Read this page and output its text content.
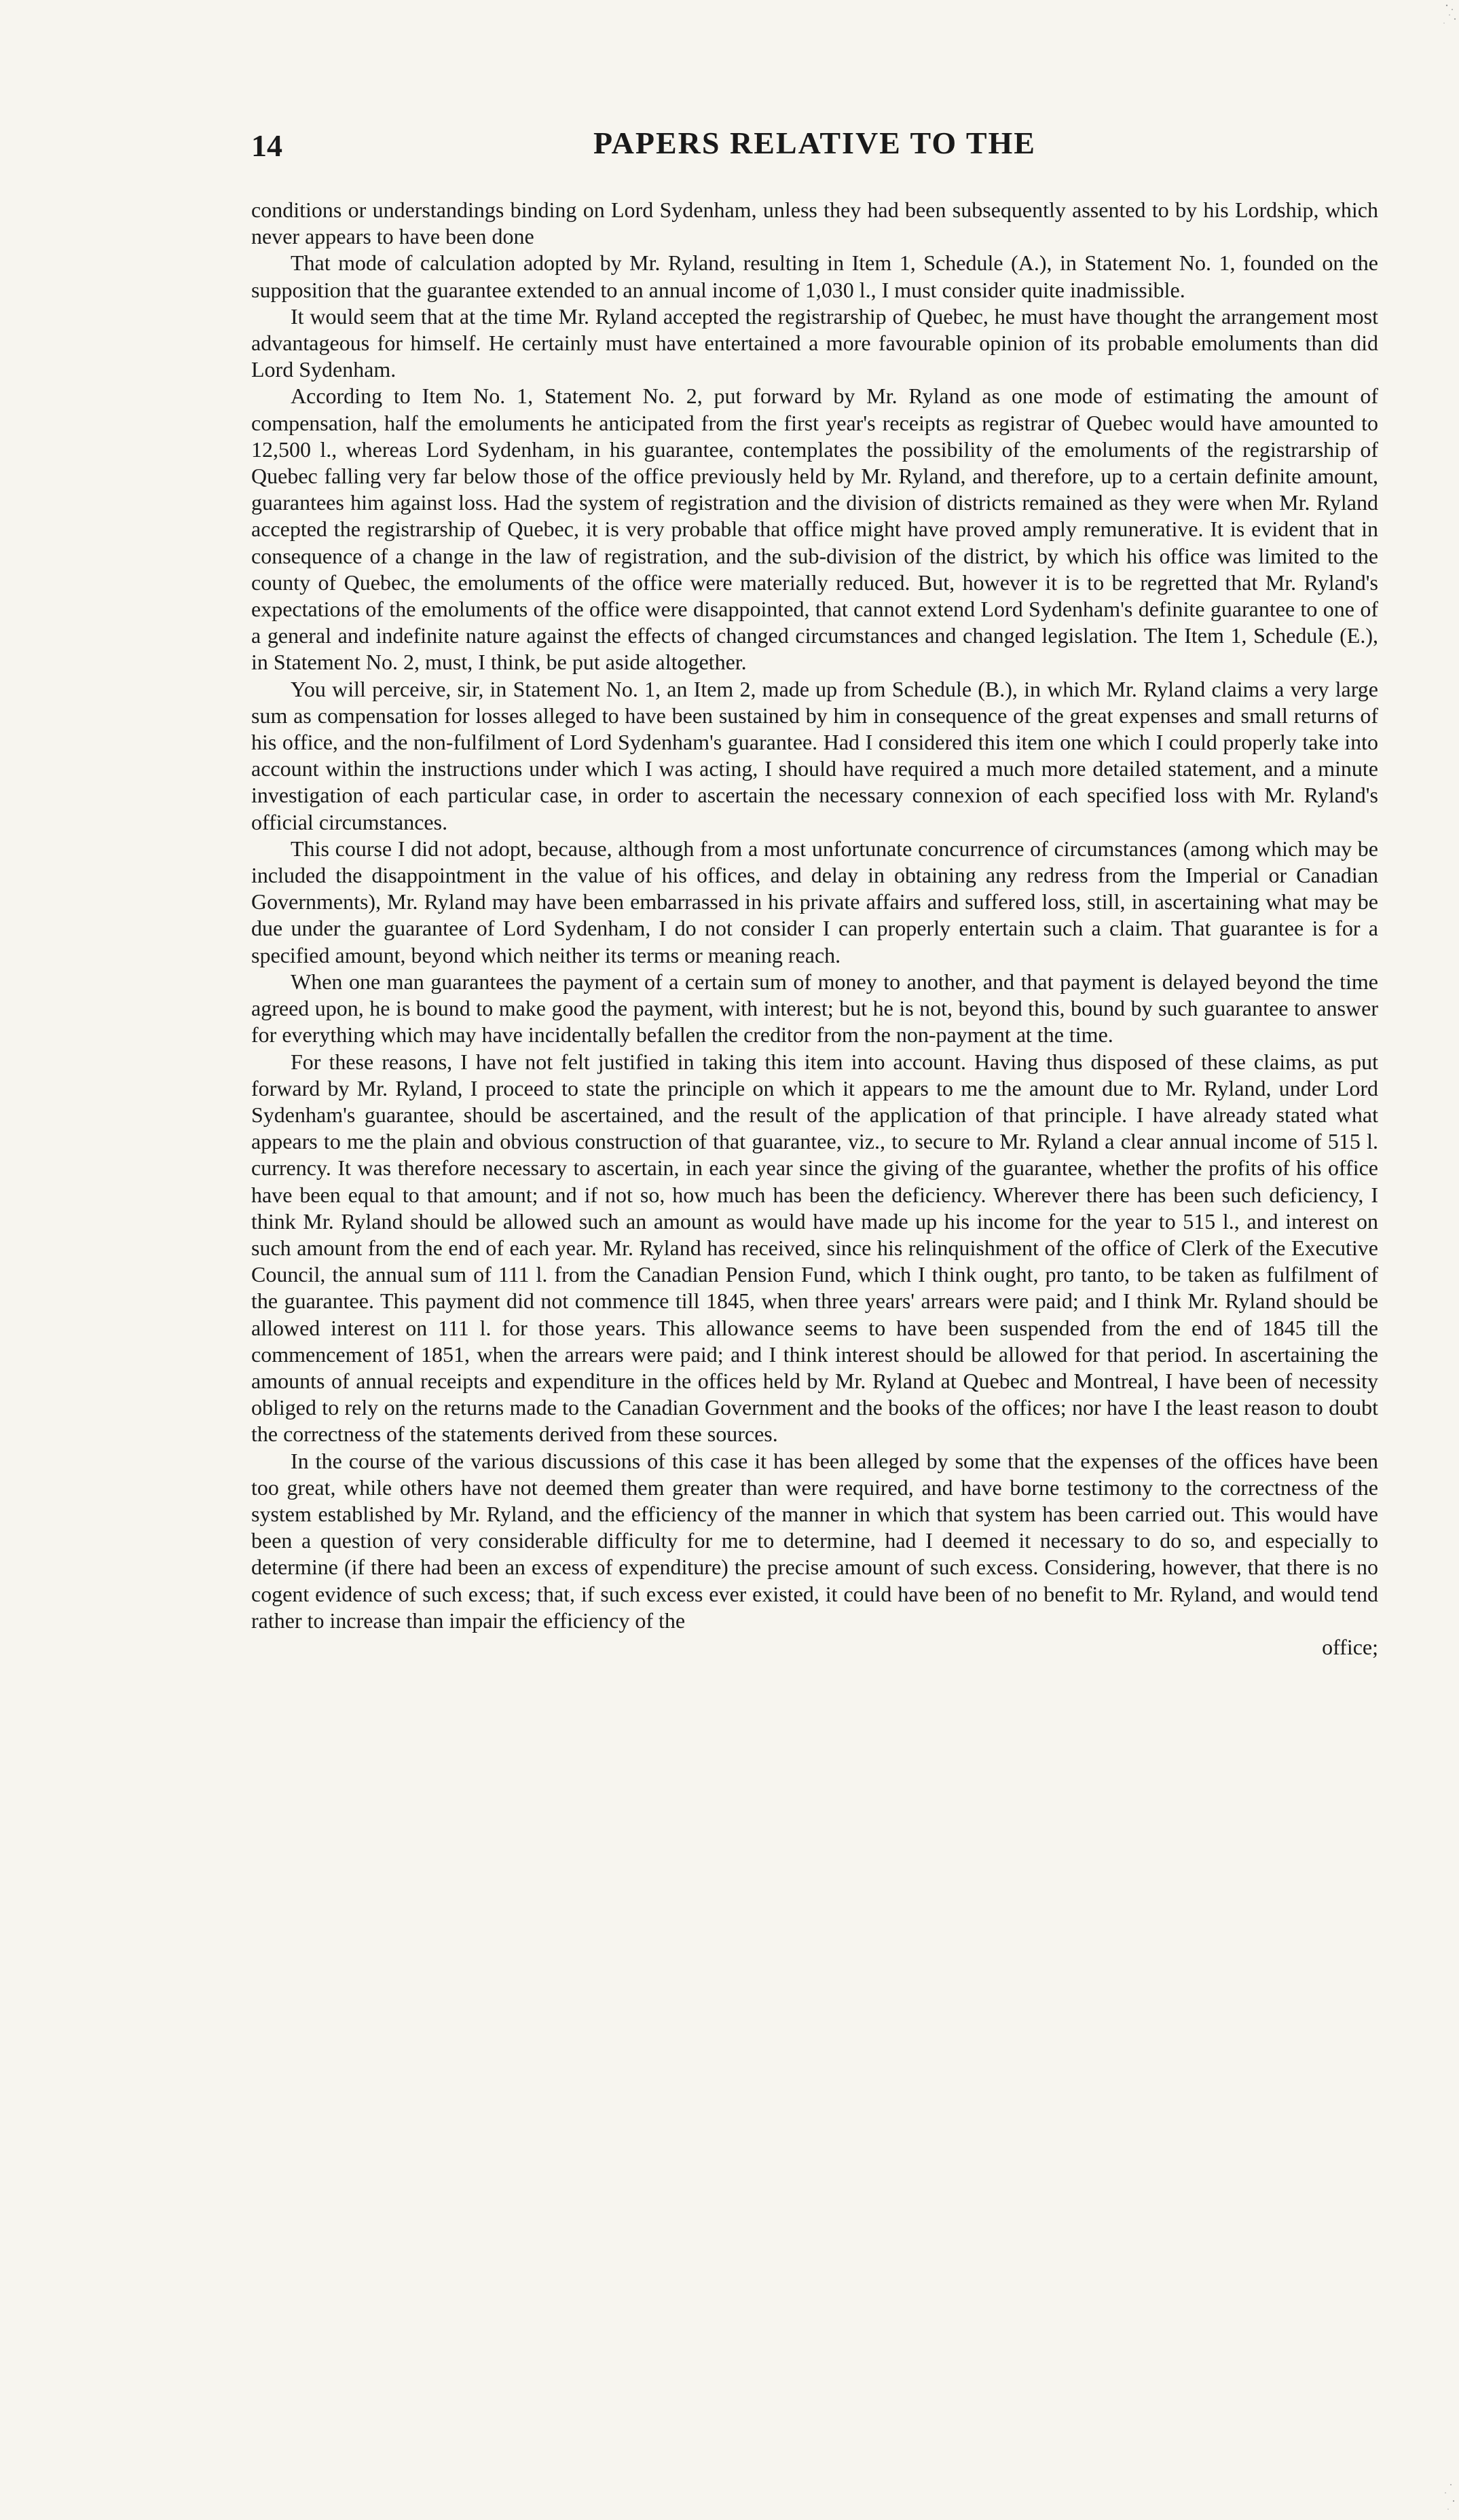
14	PAPERS RELATIVE TO THE

conditions or understandings binding on Lord Sydenham, unless they had been subsequently assented to by his Lordship, which never appears to have been done

That mode of calculation adopted by Mr. Ryland, resulting in Item 1, Schedule (A.), in Statement No. 1, founded on the supposition that the guarantee extended to an annual income of 1,030 l., I must consider quite inadmissible.

It would seem that at the time Mr. Ryland accepted the registrarship of Quebec, he must have thought the arrangement most advantageous for himself. He certainly must have entertained a more favourable opinion of its probable emoluments than did Lord Sydenham.

According to Item No. 1, Statement No. 2, put forward by Mr. Ryland as one mode of estimating the amount of compensation, half the emoluments he anticipated from the first year's receipts as registrar of Quebec would have amounted to 12,500 l., whereas Lord Sydenham, in his guarantee, contemplates the possibility of the emoluments of the registrarship of Quebec falling very far below those of the office previously held by Mr. Ryland, and therefore, up to a certain definite amount, guarantees him against loss. Had the system of registration and the division of districts remained as they were when Mr. Ryland accepted the registrarship of Quebec, it is very probable that office might have proved amply remunerative. It is evident that in consequence of a change in the law of registration, and the sub-division of the district, by which his office was limited to the county of Quebec, the emoluments of the office were materially reduced. But, however it is to be regretted that Mr. Ryland's expectations of the emoluments of the office were disappointed, that cannot extend Lord Sydenham's definite guarantee to one of a general and indefinite nature against the effects of changed circumstances and changed legislation. The Item 1, Schedule (E.), in Statement No. 2, must, I think, be put aside altogether.

You will perceive, sir, in Statement No. 1, an Item 2, made up from Schedule (B.), in which Mr. Ryland claims a very large sum as compensation for losses alleged to have been sustained by him in consequence of the great expenses and small returns of his office, and the non-fulfilment of Lord Sydenham's guarantee. Had I considered this item one which I could properly take into account within the instructions under which I was acting, I should have required a much more detailed statement, and a minute investigation of each particular case, in order to ascertain the necessary connexion of each specified loss with Mr. Ryland's official circumstances.

This course I did not adopt, because, although from a most unfortunate concurrence of circumstances (among which may be included the disappointment in the value of his offices, and delay in obtaining any redress from the Imperial or Canadian Governments), Mr. Ryland may have been embarrassed in his private affairs and suffered loss, still, in ascertaining what may be due under the guarantee of Lord Sydenham, I do not consider I can properly entertain such a claim. That guarantee is for a specified amount, beyond which neither its terms or meaning reach.

When one man guarantees the payment of a certain sum of money to another, and that payment is delayed beyond the time agreed upon, he is bound to make good the payment, with interest; but he is not, beyond this, bound by such guarantee to answer for everything which may have incidentally befallen the creditor from the non-payment at the time.

For these reasons, I have not felt justified in taking this item into account. Having thus disposed of these claims, as put forward by Mr. Ryland, I proceed to state the principle on which it appears to me the amount due to Mr. Ryland, under Lord Sydenham's guarantee, should be ascertained, and the result of the application of that principle. I have already stated what appears to me the plain and obvious construction of that guarantee, viz., to secure to Mr. Ryland a clear annual income of 515 l. currency. It was therefore necessary to ascertain, in each year since the giving of the guarantee, whether the profits of his office have been equal to that amount; and if not so, how much has been the deficiency. Wherever there has been such deficiency, I think Mr. Ryland should be allowed such an amount as would have made up his income for the year to 515 l., and interest on such amount from the end of each year. Mr. Ryland has received, since his relinquishment of the office of Clerk of the Executive Council, the annual sum of 111 l. from the Canadian Pension Fund, which I think ought, pro tanto, to be taken as fulfilment of the guarantee. This payment did not commence till 1845, when three years' arrears were paid; and I think Mr. Ryland should be allowed interest on 111 l. for those years. This allowance seems to have been suspended from the end of 1845 till the commencement of 1851, when the arrears were paid; and I think interest should be allowed for that period. In ascertaining the amounts of annual receipts and expenditure in the offices held by Mr. Ryland at Quebec and Montreal, I have been of necessity obliged to rely on the returns made to the Canadian Government and the books of the offices; nor have I the least reason to doubt the correctness of the statements derived from these sources.

In the course of the various discussions of this case it has been alleged by some that the expenses of the offices have been too great, while others have not deemed them greater than were required, and have borne testimony to the correctness of the system established by Mr. Ryland, and the efficiency of the manner in which that system has been carried out. This would have been a question of very considerable difficulty for me to determine, had I deemed it necessary to do so, and especially to determine (if there had been an excess of expenditure) the precise amount of such excess. Considering, however, that there is no cogent evidence of such excess; that, if such excess ever existed, it could have been of no benefit to Mr. Ryland, and would tend rather to increase than impair the efficiency of the

office;
